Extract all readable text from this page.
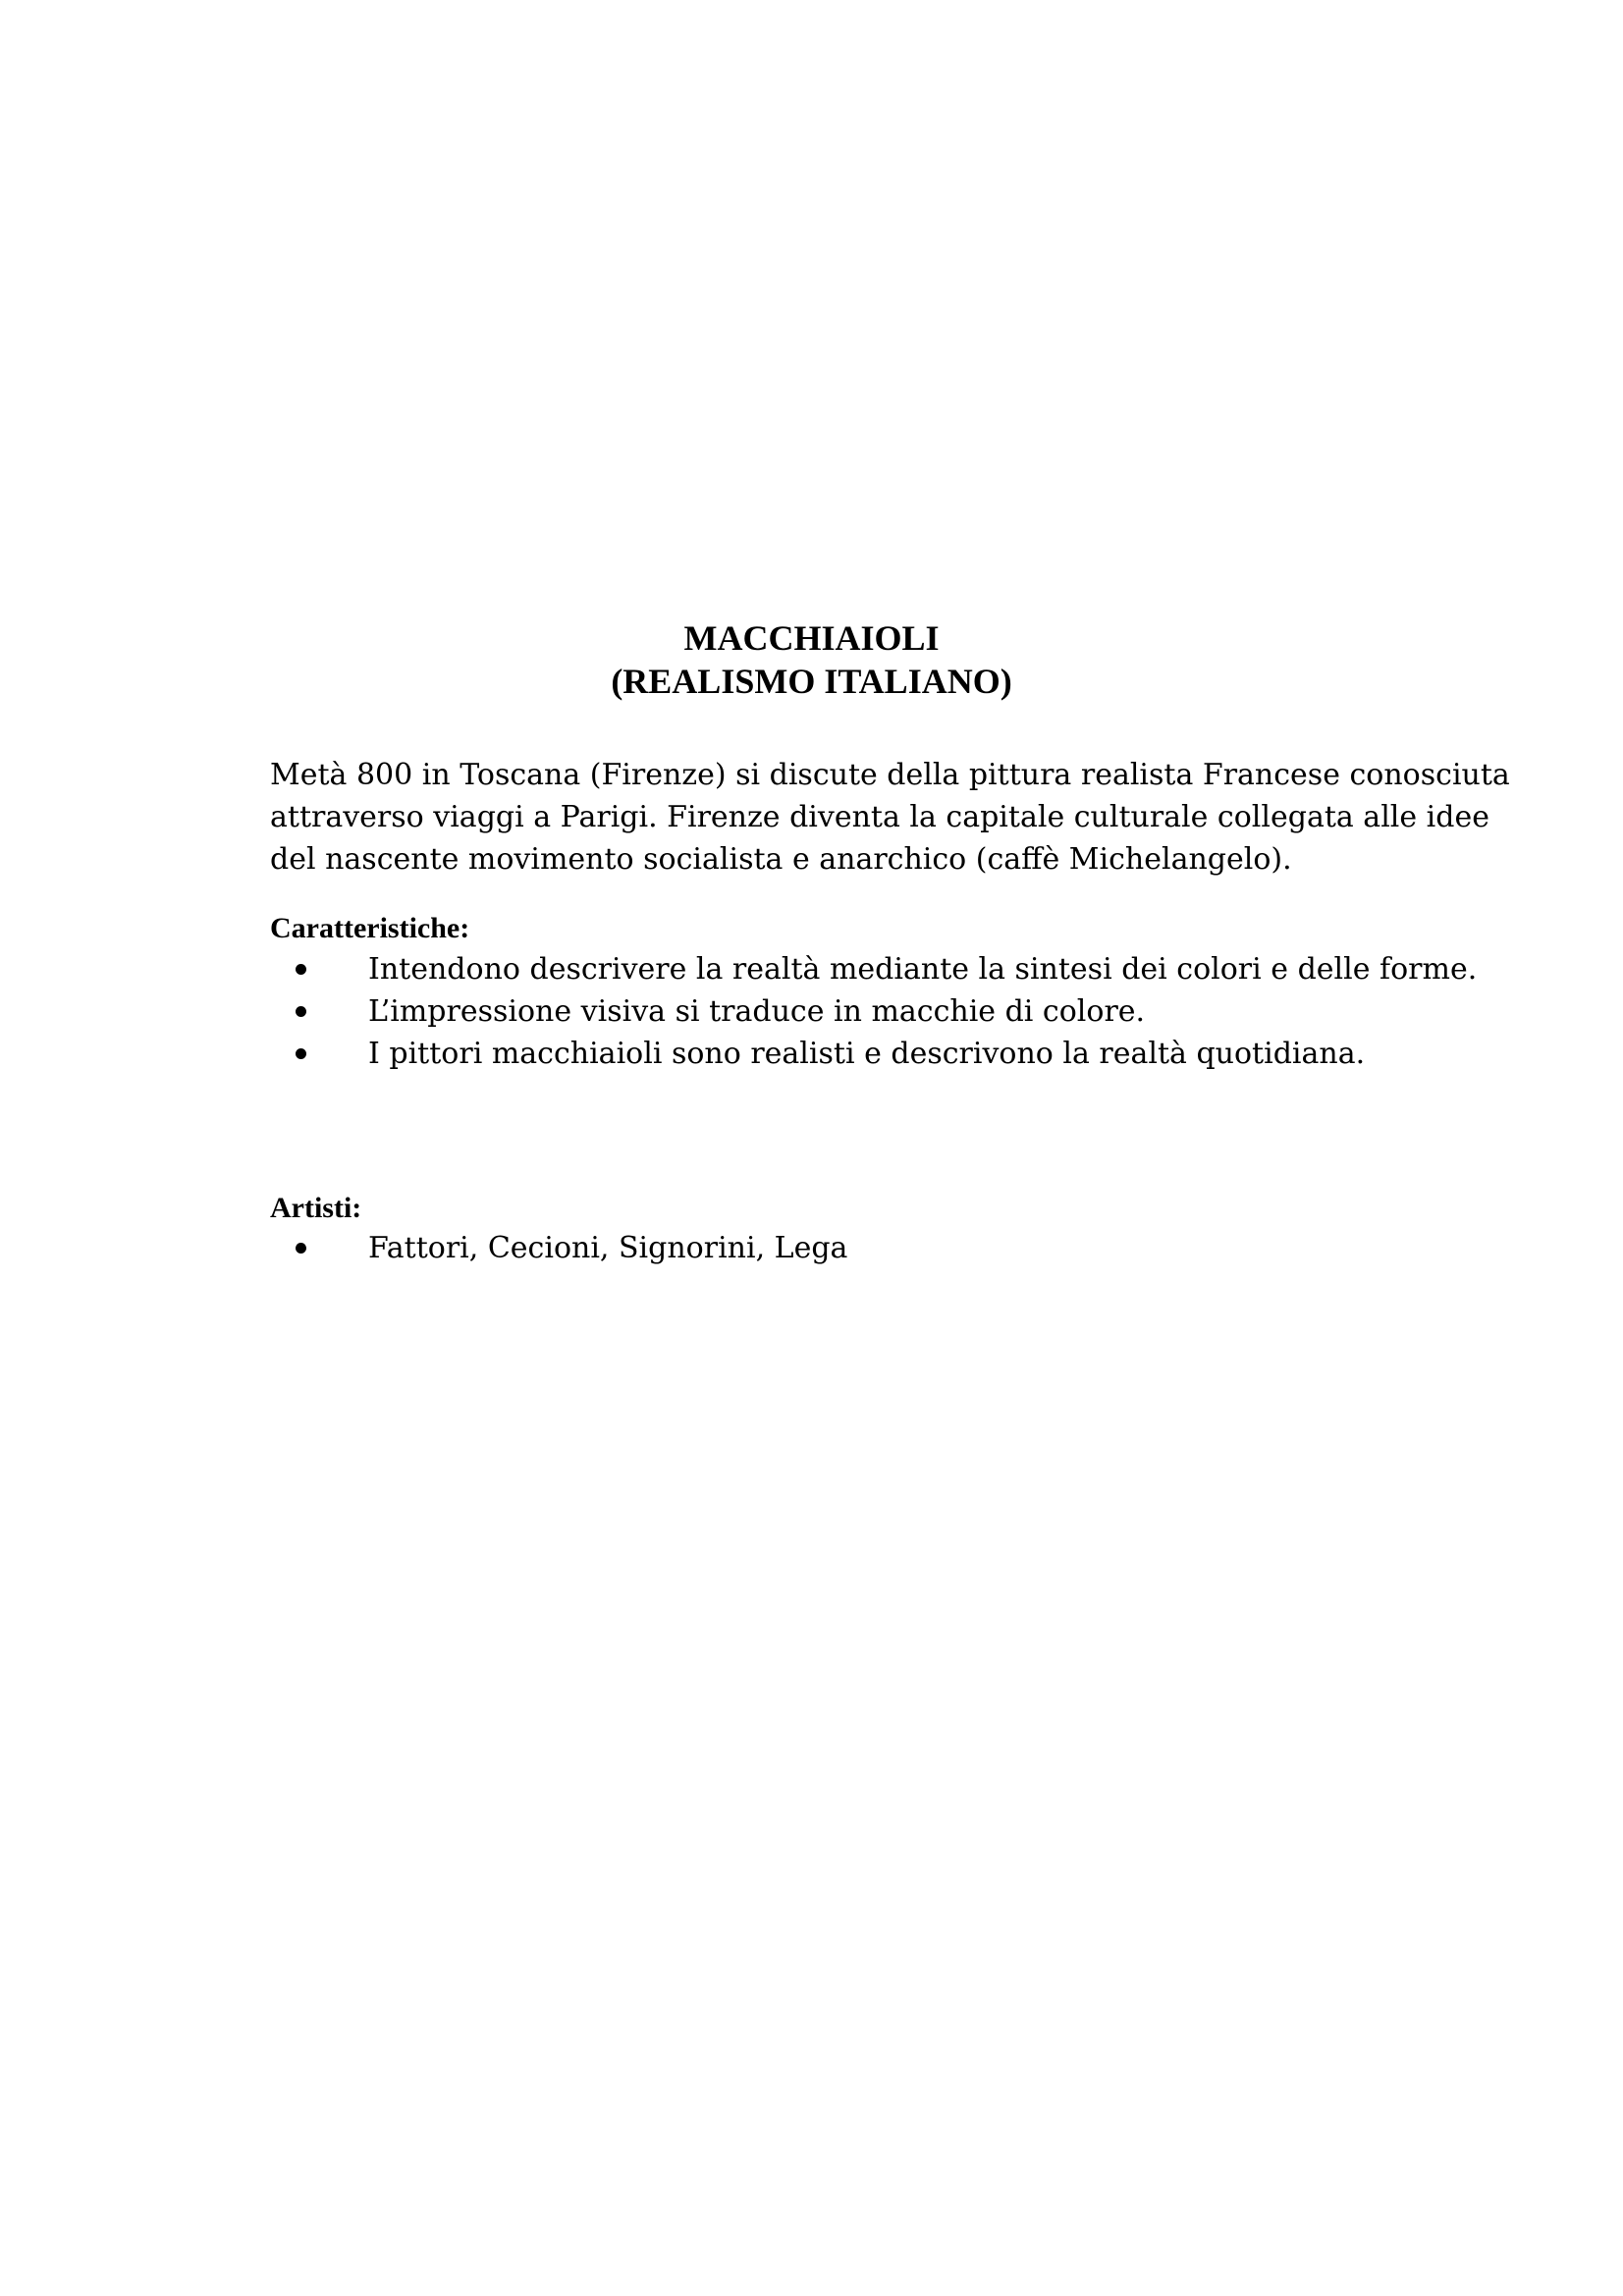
MACCHIAIOLI
(REALISMO ITALIANO)
Metà 800 in Toscana (Firenze) si discute della pittura realista Francese conosciuta
attraverso viaggi a Parigi. Firenze diventa la capitale culturale collegata alle idee
del nascente movimento socialista e anarchico (caffè Michelangelo).
Caratteristiche:
Intendono descrivere la realtà mediante la sintesi dei colori e delle forme.
L’impressione visiva si traduce in macchie di colore.
I pittori macchiaioli sono realisti e descrivono la realtà quotidiana.
Artisti:
Fattori, Cecioni, Signorini, Lega
